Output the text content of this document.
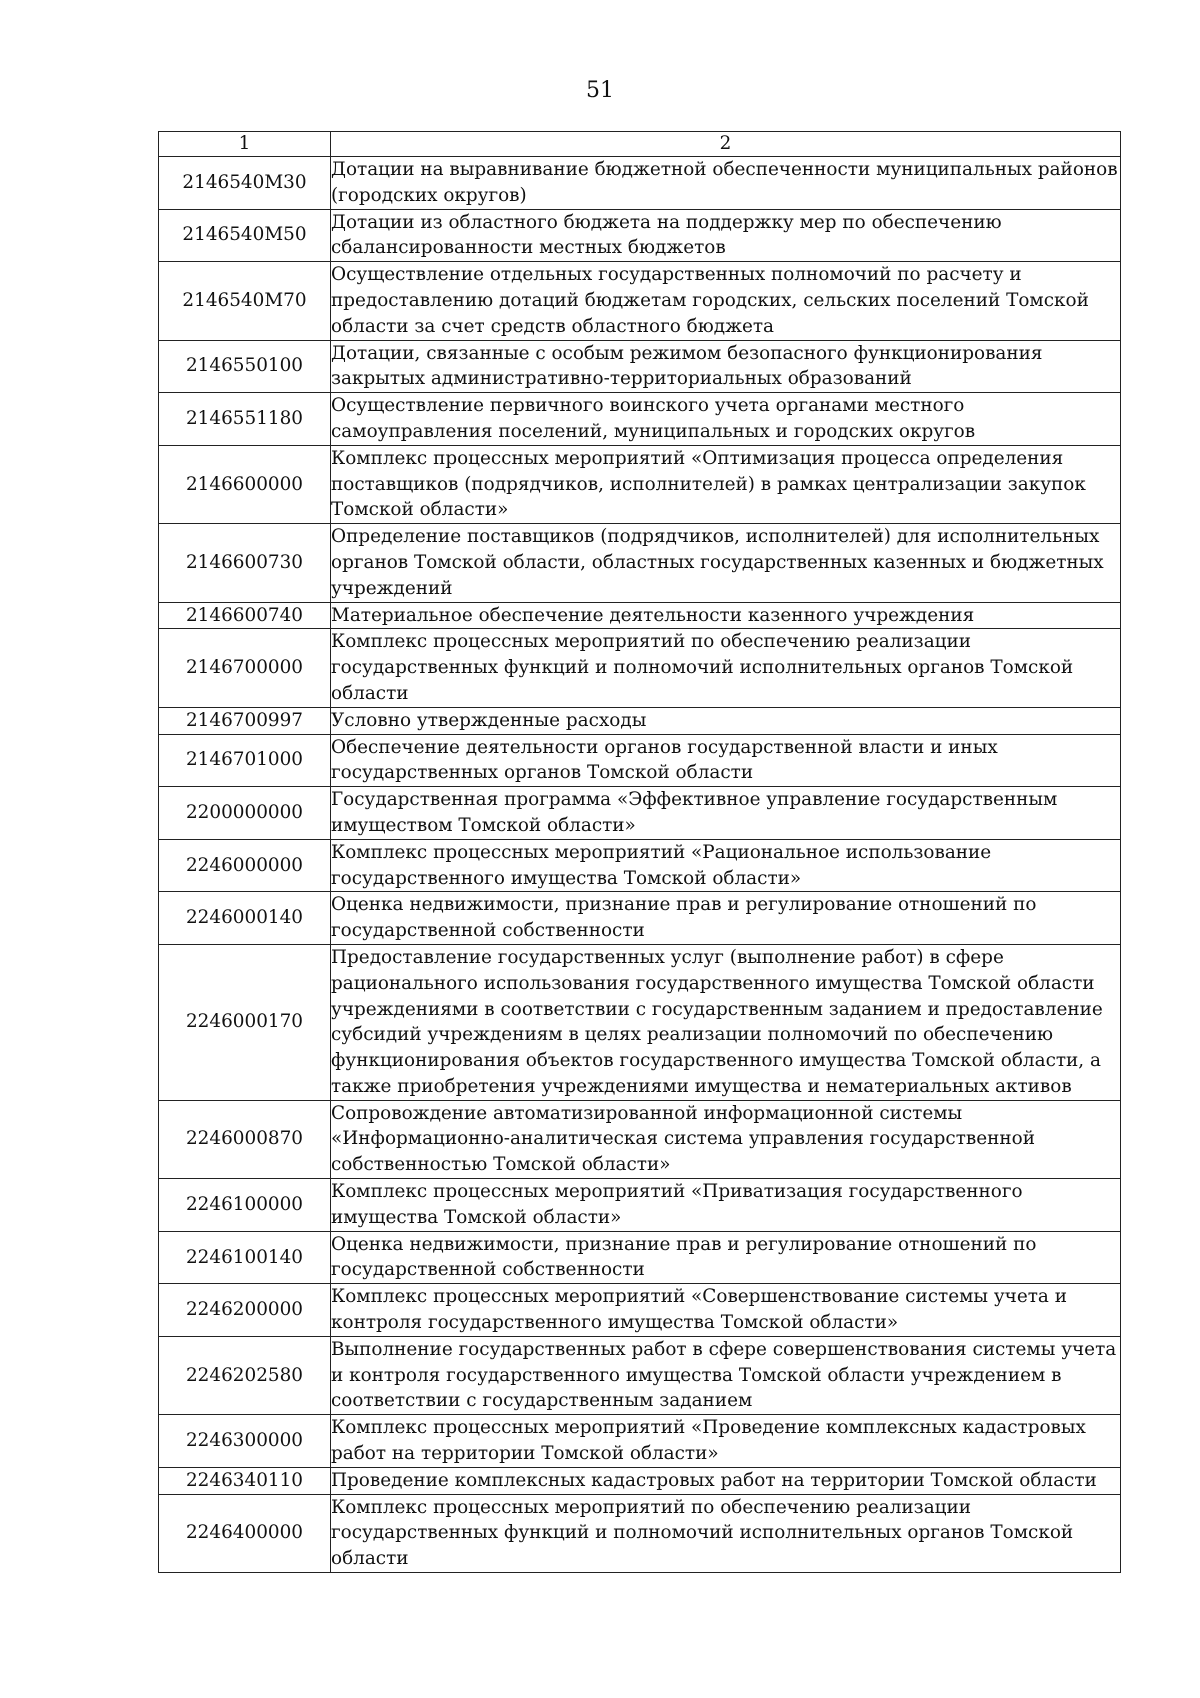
51
1	2
2146540М30	Дотации на выравнивание бюджетной обеспеченности муниципальных районов (городских округов)
2146540М50	Дотации из областного бюджета на поддержку мер по обеспечению сбалансированности местных бюджетов
2146540М70	Осуществление отдельных государственных полномочий по расчету и предоставлению дотаций бюджетам городских, сельских поселений Томской области за счет средств областного бюджета
2146550100	Дотации, связанные с особым режимом безопасного функционирования закрытых административно-территориальных образований
2146551180	Осуществление первичного воинского учета органами местного самоуправления поселений, муниципальных и городских округов
2146600000	Комплекс процессных мероприятий «Оптимизация процесса определения поставщиков (подрядчиков, исполнителей) в рамках централизации закупок Томской области»
2146600730	Определение поставщиков (подрядчиков, исполнителей) для исполнительных органов Томской области, областных государственных казенных и бюджетных учреждений
2146600740	Материальное обеспечение деятельности казенного учреждения
2146700000	Комплекс процессных мероприятий по обеспечению реализации государственных функций и полномочий исполнительных органов Томской области
2146700997	Условно утвержденные расходы
2146701000	Обеспечение деятельности органов государственной власти и иных государственных органов Томской области
2200000000	Государственная программа «Эффективное управление государственным имуществом Томской области»
2246000000	Комплекс процессных мероприятий «Рациональное использование государственного имущества Томской области»
2246000140	Оценка недвижимости, признание прав и регулирование отношений по государственной собственности
2246000170	Предоставление государственных услуг (выполнение работ) в сфере рационального использования государственного имущества Томской области учреждениями в соответствии с государственным заданием и предоставление субсидий учреждениям в целях реализации полномочий по обеспечению функционирования объектов государственного имущества Томской области, а также приобретения учреждениями имущества и нематериальных активов
2246000870	Сопровождение автоматизированной информационной системы «Информационно-аналитическая система управления государственной собственностью Томской области»
2246100000	Комплекс процессных мероприятий «Приватизация государственного имущества Томской области»
2246100140	Оценка недвижимости, признание прав и регулирование отношений по государственной собственности
2246200000	Комплекс процессных мероприятий «Совершенствование системы учета и контроля государственного имущества Томской области»
2246202580	Выполнение государственных работ в сфере совершенствования системы учета и контроля государственного имущества Томской области учреждением в соответствии с государственным заданием
2246300000	Комплекс процессных мероприятий «Проведение комплексных кадастровых работ на территории Томской области»
2246340110	Проведение комплексных кадастровых работ на территории Томской области
2246400000	Комплекс процессных мероприятий по обеспечению реализации государственных функций и полномочий исполнительных органов Томской области
